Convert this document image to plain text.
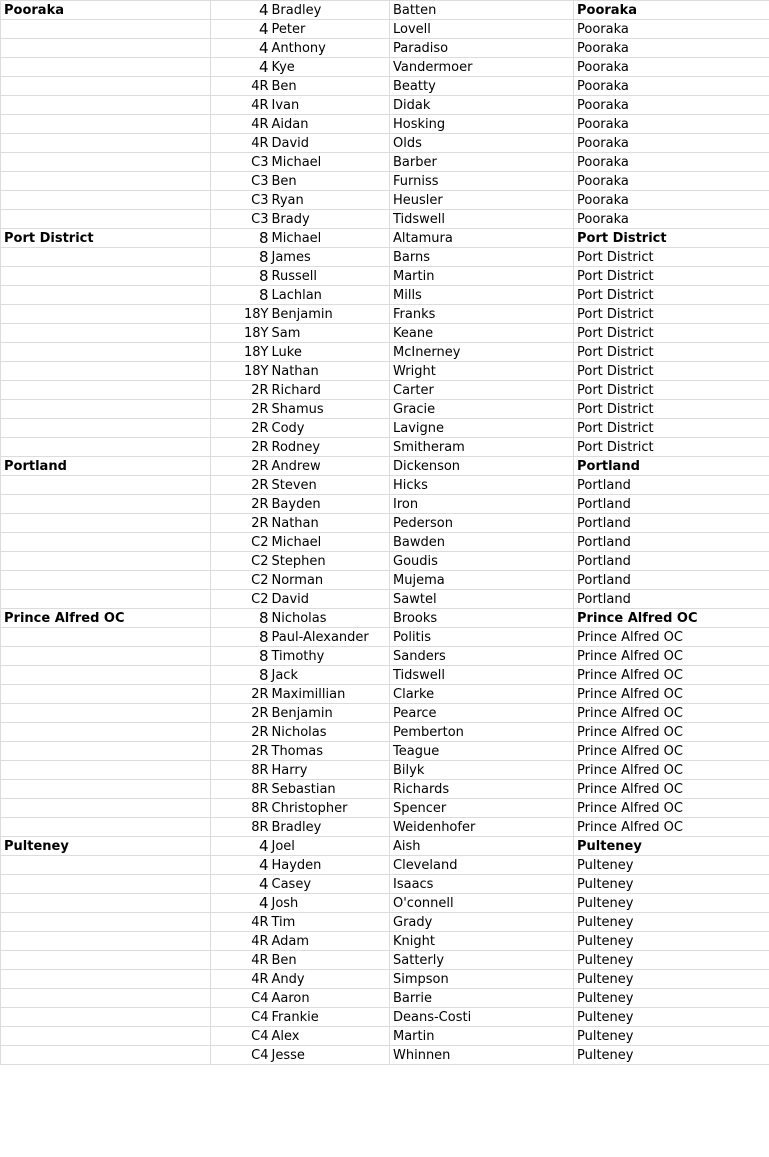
Pooraka	4	Bradley	Batten	Pooraka
	4	Peter	Lovell	Pooraka
	4	Anthony	Paradiso	Pooraka
	4	Kye	Vandermoer	Pooraka
	4R	Ben	Beatty	Pooraka
	4R	Ivan	Didak	Pooraka
	4R	Aidan	Hosking	Pooraka
	4R	David	Olds	Pooraka
	C3	Michael	Barber	Pooraka
	C3	Ben	Furniss	Pooraka
	C3	Ryan	Heusler	Pooraka
	C3	Brady	Tidswell	Pooraka
Port District	8	Michael	Altamura	Port District
	8	James	Barns	Port District
	8	Russell	Martin	Port District
	8	Lachlan	Mills	Port District
	18Y	Benjamin	Franks	Port District
	18Y	Sam	Keane	Port District
	18Y	Luke	McInerney	Port District
	18Y	Nathan	Wright	Port District
	2R	Richard	Carter	Port District
	2R	Shamus	Gracie	Port District
	2R	Cody	Lavigne	Port District
	2R	Rodney	Smitheram	Port District
Portland	2R	Andrew	Dickenson	Portland
	2R	Steven	Hicks	Portland
	2R	Bayden	Iron	Portland
	2R	Nathan	Pederson	Portland
	C2	Michael	Bawden	Portland
	C2	Stephen	Goudis	Portland
	C2	Norman	Mujema	Portland
	C2	David	Sawtel	Portland
Prince Alfred OC	8	Nicholas	Brooks	Prince Alfred OC
	8	Paul-Alexander	Politis	Prince Alfred OC
	8	Timothy	Sanders	Prince Alfred OC
	8	Jack	Tidswell	Prince Alfred OC
	2R	Maximillian	Clarke	Prince Alfred OC
	2R	Benjamin	Pearce	Prince Alfred OC
	2R	Nicholas	Pemberton	Prince Alfred OC
	2R	Thomas	Teague	Prince Alfred OC
	8R	Harry	Bilyk	Prince Alfred OC
	8R	Sebastian	Richards	Prince Alfred OC
	8R	Christopher	Spencer	Prince Alfred OC
	8R	Bradley	Weidenhofer	Prince Alfred OC
Pulteney	4	Joel	Aish	Pulteney
	4	Hayden	Cleveland	Pulteney
	4	Casey	Isaacs	Pulteney
	4	Josh	O'connell	Pulteney
	4R	Tim	Grady	Pulteney
	4R	Adam	Knight	Pulteney
	4R	Ben	Satterly	Pulteney
	4R	Andy	Simpson	Pulteney
	C4	Aaron	Barrie	Pulteney
	C4	Frankie	Deans-Costi	Pulteney
	C4	Alex	Martin	Pulteney
	C4	Jesse	Whinnen	Pulteney
